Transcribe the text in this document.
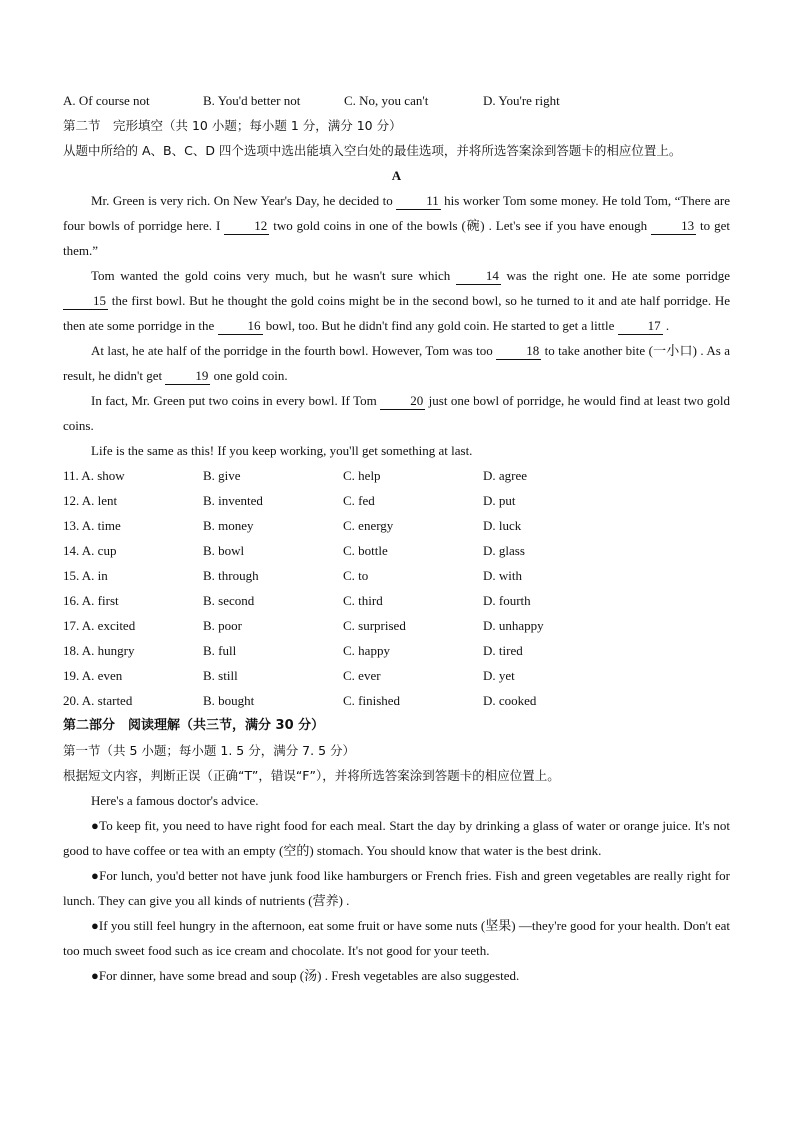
A. Of course not	B. You'd better not	C. No, you can't	D. You're right
第二节　完形填空（共 10 小题；每小题 1 分，满分 10 分）
从题中所给的 A、B、C、D 四个选项中选出能填入空白处的最佳选项，并将所选答案涂到答题卡的相应位置上。
A
Mr. Green is very rich. On New Year's Day, he decided to 11 his worker Tom some money. He told Tom, “There are four bowls of porridge here. I 12 two gold coins in one of the bowls (碗) . Let's see if you have enough 13 to get them.”
Tom wanted the gold coins very much, but he wasn't sure which 14 was the right one. He ate some porridge 15 the first bowl. But he thought the gold coins might be in the second bowl, so he turned to it and ate half porridge. He then ate some porridge in the 16 bowl, too. But he didn't find any gold coin. He started to get a little 17 .
At last, he ate half of the porridge in the fourth bowl. However, Tom was too 18 to take another bite (一小口) . As a result, he didn't get 19 one gold coin.
In fact, Mr. Green put two coins in every bowl. If Tom 20 just one bowl of porridge, he would find at least two gold coins.
Life is the same as this! If you keep working, you'll get something at last.
11. A. show	B. give	C. help	D. agree
12. A. lent	B. invented	C. fed	D. put
13. A. time	B. money	C. energy	D. luck
14. A. cup	B. bowl	C. bottle	D. glass
15. A. in	B. through	C. to	D. with
16. A. first	B. second	C. third	D. fourth
17. A. excited	B. poor	C. surprised	D. unhappy
18. A. hungry	B. full	C. happy	D. tired
19. A. even	B. still	C. ever	D. yet
20. A. started	B. bought	C. finished	D. cooked
第二部分　阅读理解（共三节，满分 30 分）
第一节（共 5 小题；每小题 1. 5 分，满分 7. 5 分）
根据短文内容，判断正误（正确“T”，错误“F”），并将所选答案涂到答题卡的相应位置上。
Here's a famous doctor's advice.
●To keep fit, you need to have right food for each meal. Start the day by drinking a glass of water or orange juice. It's not good to have coffee or tea with an empty (空的) stomach. You should know that water is the best drink.
●For lunch, you'd better not have junk food like hamburgers or French fries. Fish and green vegetables are really right for lunch. They can give you all kinds of nutrients (营养) .
●If you still feel hungry in the afternoon, eat some fruit or have some nuts (坚果) —they're good for your health. Don't eat too much sweet food such as ice cream and chocolate. It's not good for your teeth.
●For dinner, have some bread and soup (汤) . Fresh vegetables are also suggested.
